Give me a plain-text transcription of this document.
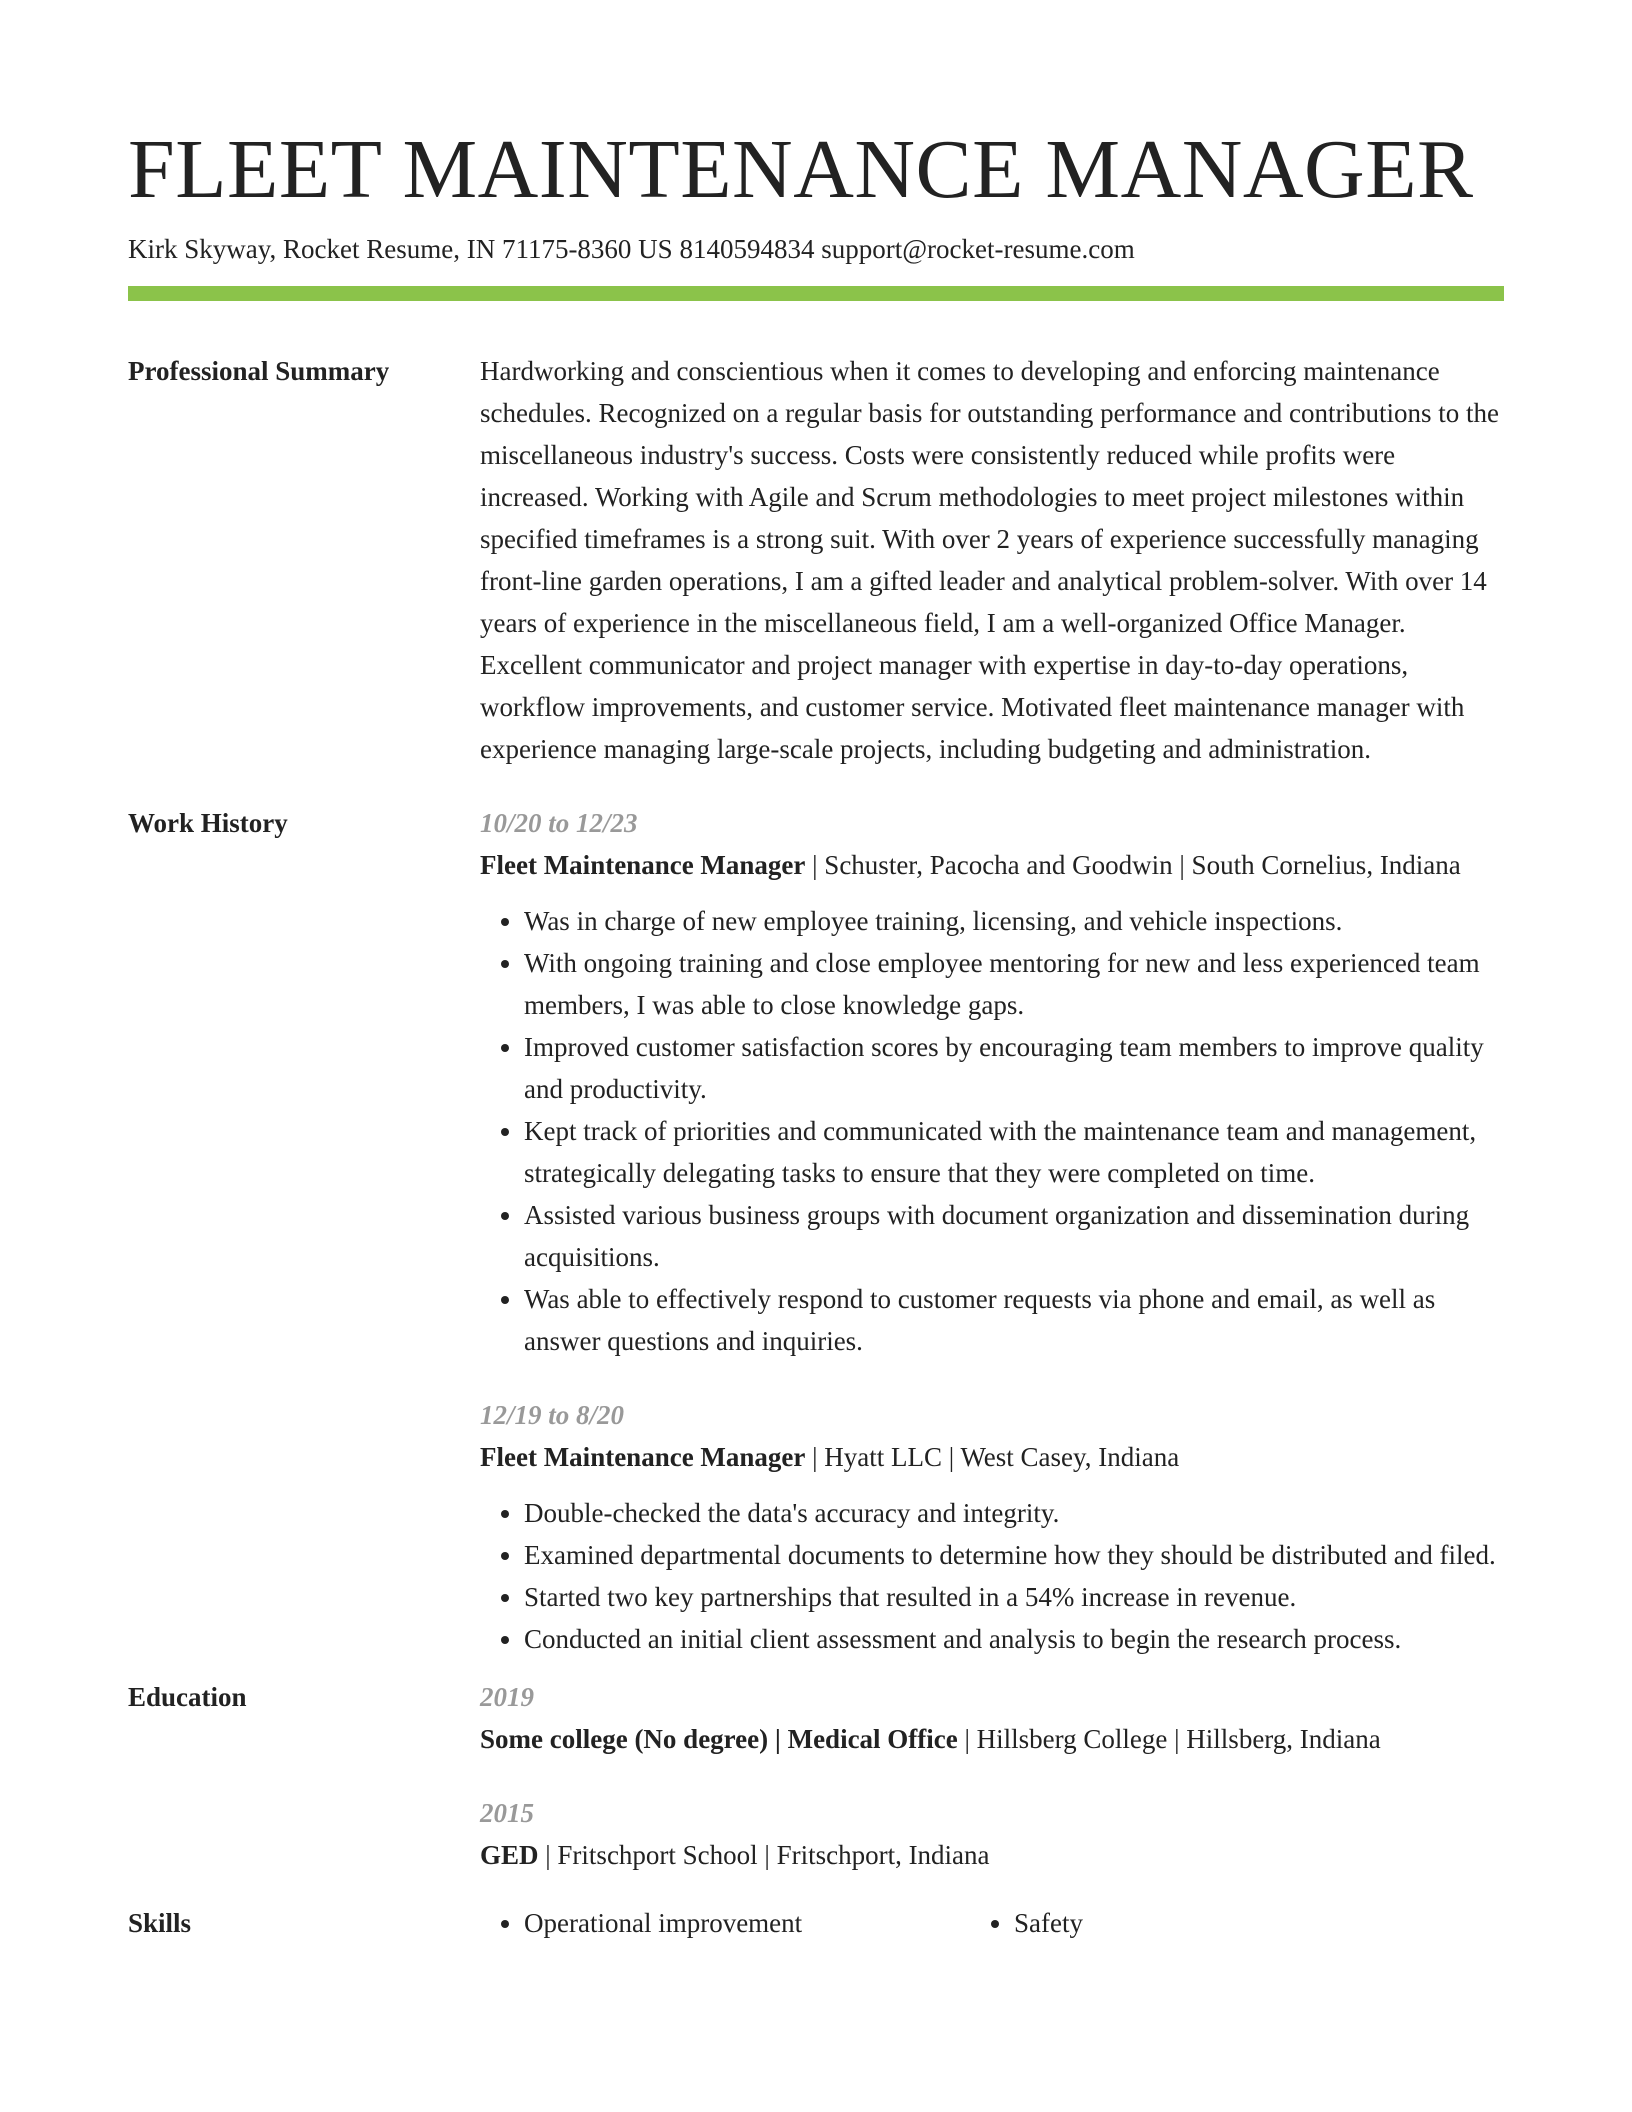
FLEET MAINTENANCE MANAGER
Kirk Skyway, Rocket Resume, IN 71175-8360 US 8140594834 support@rocket-resume.com
Professional Summary	Hardworking and conscientious when it comes to developing and enforcing maintenance schedules. Recognized on a regular basis for outstanding performance and contributions to the miscellaneous industry's success. Costs were consistently reduced while profits were increased. Working with Agile and Scrum methodologies to meet project milestones within specified timeframes is a strong suit. With over 2 years of experience successfully managing front-line garden operations, I am a gifted leader and analytical problem-solver. With over 14 years of experience in the miscellaneous field, I am a well-organized Office Manager. Excellent communicator and project manager with expertise in day-to-day operations, workflow improvements, and customer service. Motivated fleet maintenance manager with experience managing large-scale projects, including budgeting and administration.

Work History	10/20 to 12/23
Fleet Maintenance Manager | Schuster, Pacocha and Goodwin | South Cornelius, Indiana
• Was in charge of new employee training, licensing, and vehicle inspections.
• With ongoing training and close employee mentoring for new and less experienced team members, I was able to close knowledge gaps.
• Improved customer satisfaction scores by encouraging team members to improve quality and productivity.
• Kept track of priorities and communicated with the maintenance team and management, strategically delegating tasks to ensure that they were completed on time.
• Assisted various business groups with document organization and dissemination during acquisitions.
• Was able to effectively respond to customer requests via phone and email, as well as answer questions and inquiries.
12/19 to 8/20
Fleet Maintenance Manager | Hyatt LLC | West Casey, Indiana
• Double-checked the data's accuracy and integrity.
• Examined departmental documents to determine how they should be distributed and filed.
• Started two key partnerships that resulted in a 54% increase in revenue.
• Conducted an initial client assessment and analysis to begin the research process.
Education	2019
Some college (No degree) | Medical Office | Hillsberg College | Hillsberg, Indiana
2015
GED | Fritschport School | Fritschport, Indiana
Skills	• Operational improvement	• Safety
